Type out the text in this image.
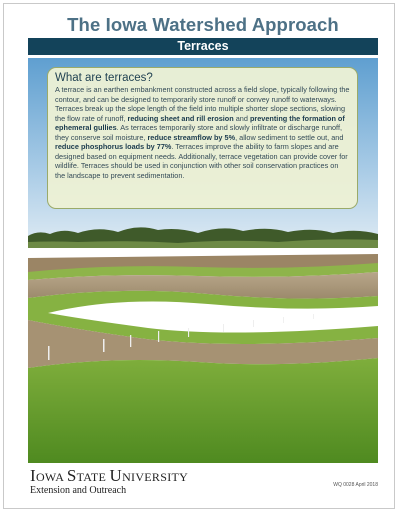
The Iowa Watershed Approach
Terraces
What are terraces?

A terrace is an earthen embankment constructed across a field slope, typically following the contour, and can be designed to temporarily store runoff or convey runoff to waterways. Terraces break up the slope length of the field into multiple shorter slope sections, slowing the flow rate of runoff, reducing sheet and rill erosion and preventing the formation of ephemeral gullies. As terraces temporarily store and slowly infiltrate or discharge runoff, they conserve soil moisture, reduce streamflow by 5%, allow sediment to settle out, and reduce phosphorus loads by 77%. Terraces improve the ability to farm slopes and are designed based on equipment needs. Additionally, terrace vegetation can provide cover for wildlife. Terraces should be used in conjunction with other soil conservation practices on the landscape to prevent sedimentation.

IOWA STATE UNIVERSITY
Extension and Outreach	WQ 0028 April 2018
